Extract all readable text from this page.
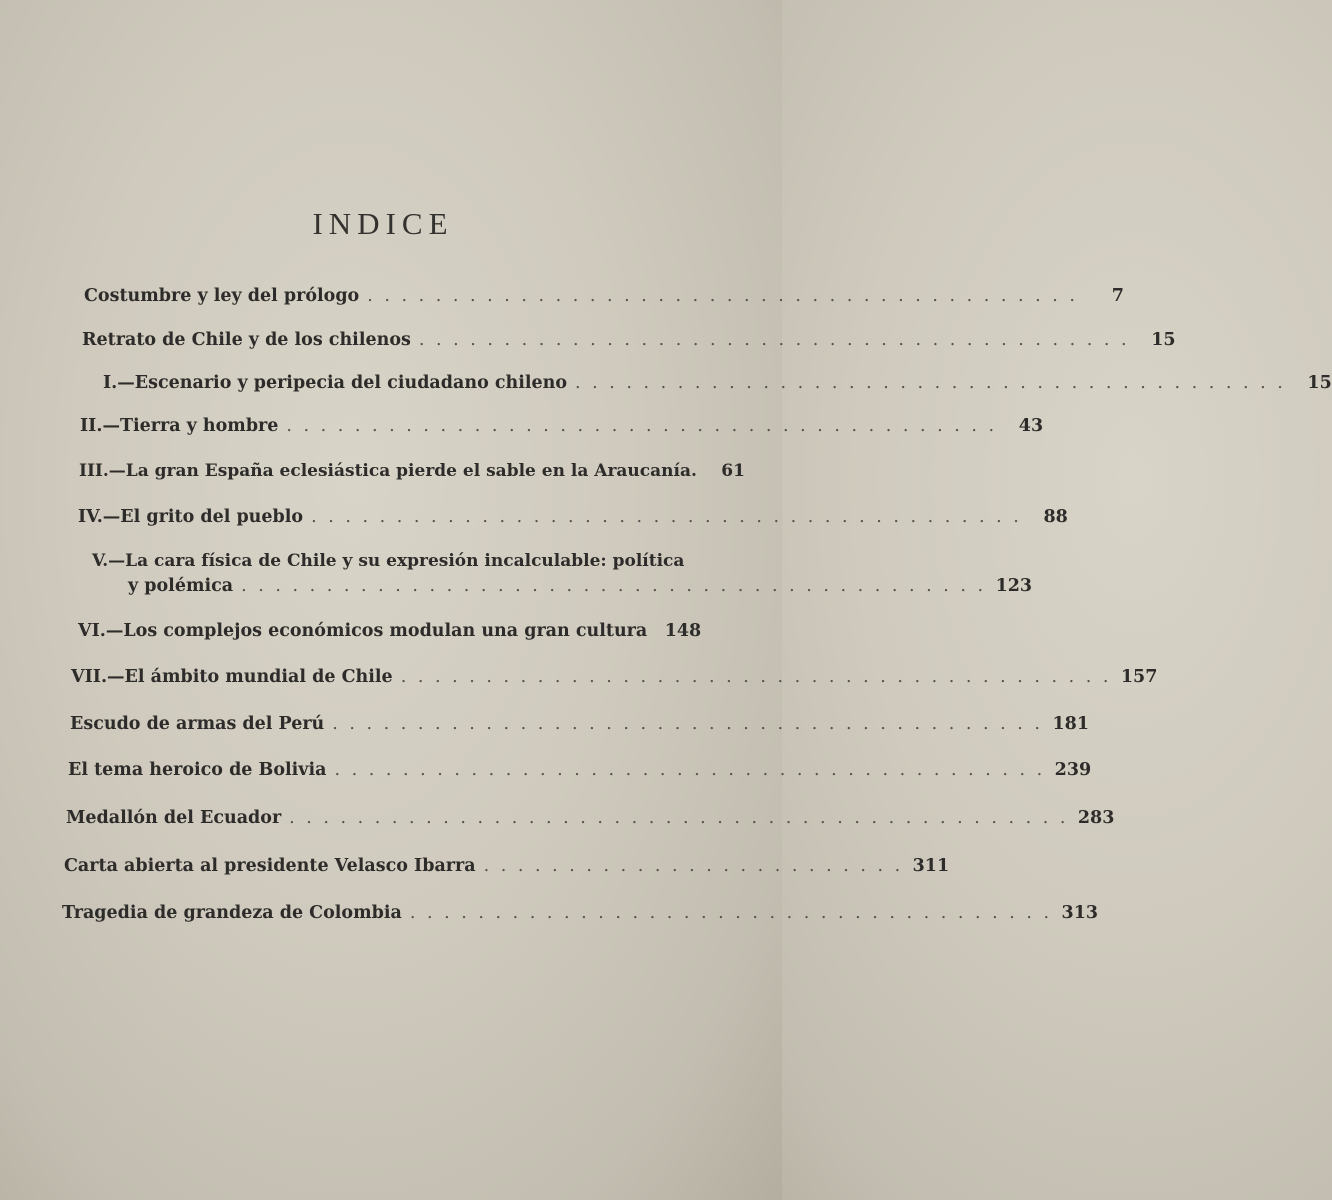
INDICE
Costumbre y ley del prólogo . . . . . . . . . . . . . . . . . . . . . . . . . . . . . . . . . . . . . . . . . .	7
Retrato de Chile y de los chilenos . . . . . . . . . . . . . . . . . . . . . . . . . . . . . . . . . . . . . . . . . .	15
I.—Escenario y peripecia del ciudadano chileno . . . . . . . . . . . . . . . . . . . . . . . . . . . . . . . . . . . . . . . . . .	15
II.—Tierra y hombre . . . . . . . . . . . . . . . . . . . . . . . . . . . . . . . . . . . . . . . . . .	43
III.—La gran España eclesiástica pierde el sable en la Araucanía.	61
IV.—El grito del pueblo . . . . . . . . . . . . . . . . . . . . . . . . . . . . . . . . . . . . . . . . . .	88
V.—La cara física de Chile y su expresión incalculable: política
y polémica . . . . . . . . . . . . . . . . . . . . . . . . . . . . . . . . . . . . . . . . . . . . 123
VI.—Los complejos económicos modulan una gran cultura 148
VII.—El ámbito mundial de Chile . . . . . . . . . . . . . . . . . . . . . . . . . . . . . . . . . . . . . . . . . . 157
Escudo de armas del Perú . . . . . . . . . . . . . . . . . . . . . . . . . . . . . . . . . . . . . . . . . . 181
El tema heroico de Bolivia . . . . . . . . . . . . . . . . . . . . . . . . . . . . . . . . . . . . . . . . . . 239
Medallón del Ecuador . . . . . . . . . . . . . . . . . . . . . . . . . . . . . . . . . . . . . . . . . . . . . . 283
Carta abierta al presidente Velasco Ibarra . . . . . . . . . . . . . . . . . . . . . . . . . 311
Tragedia de grandeza de Colombia . . . . . . . . . . . . . . . . . . . . . . . . . . . . . . . . . . . . . . 313
